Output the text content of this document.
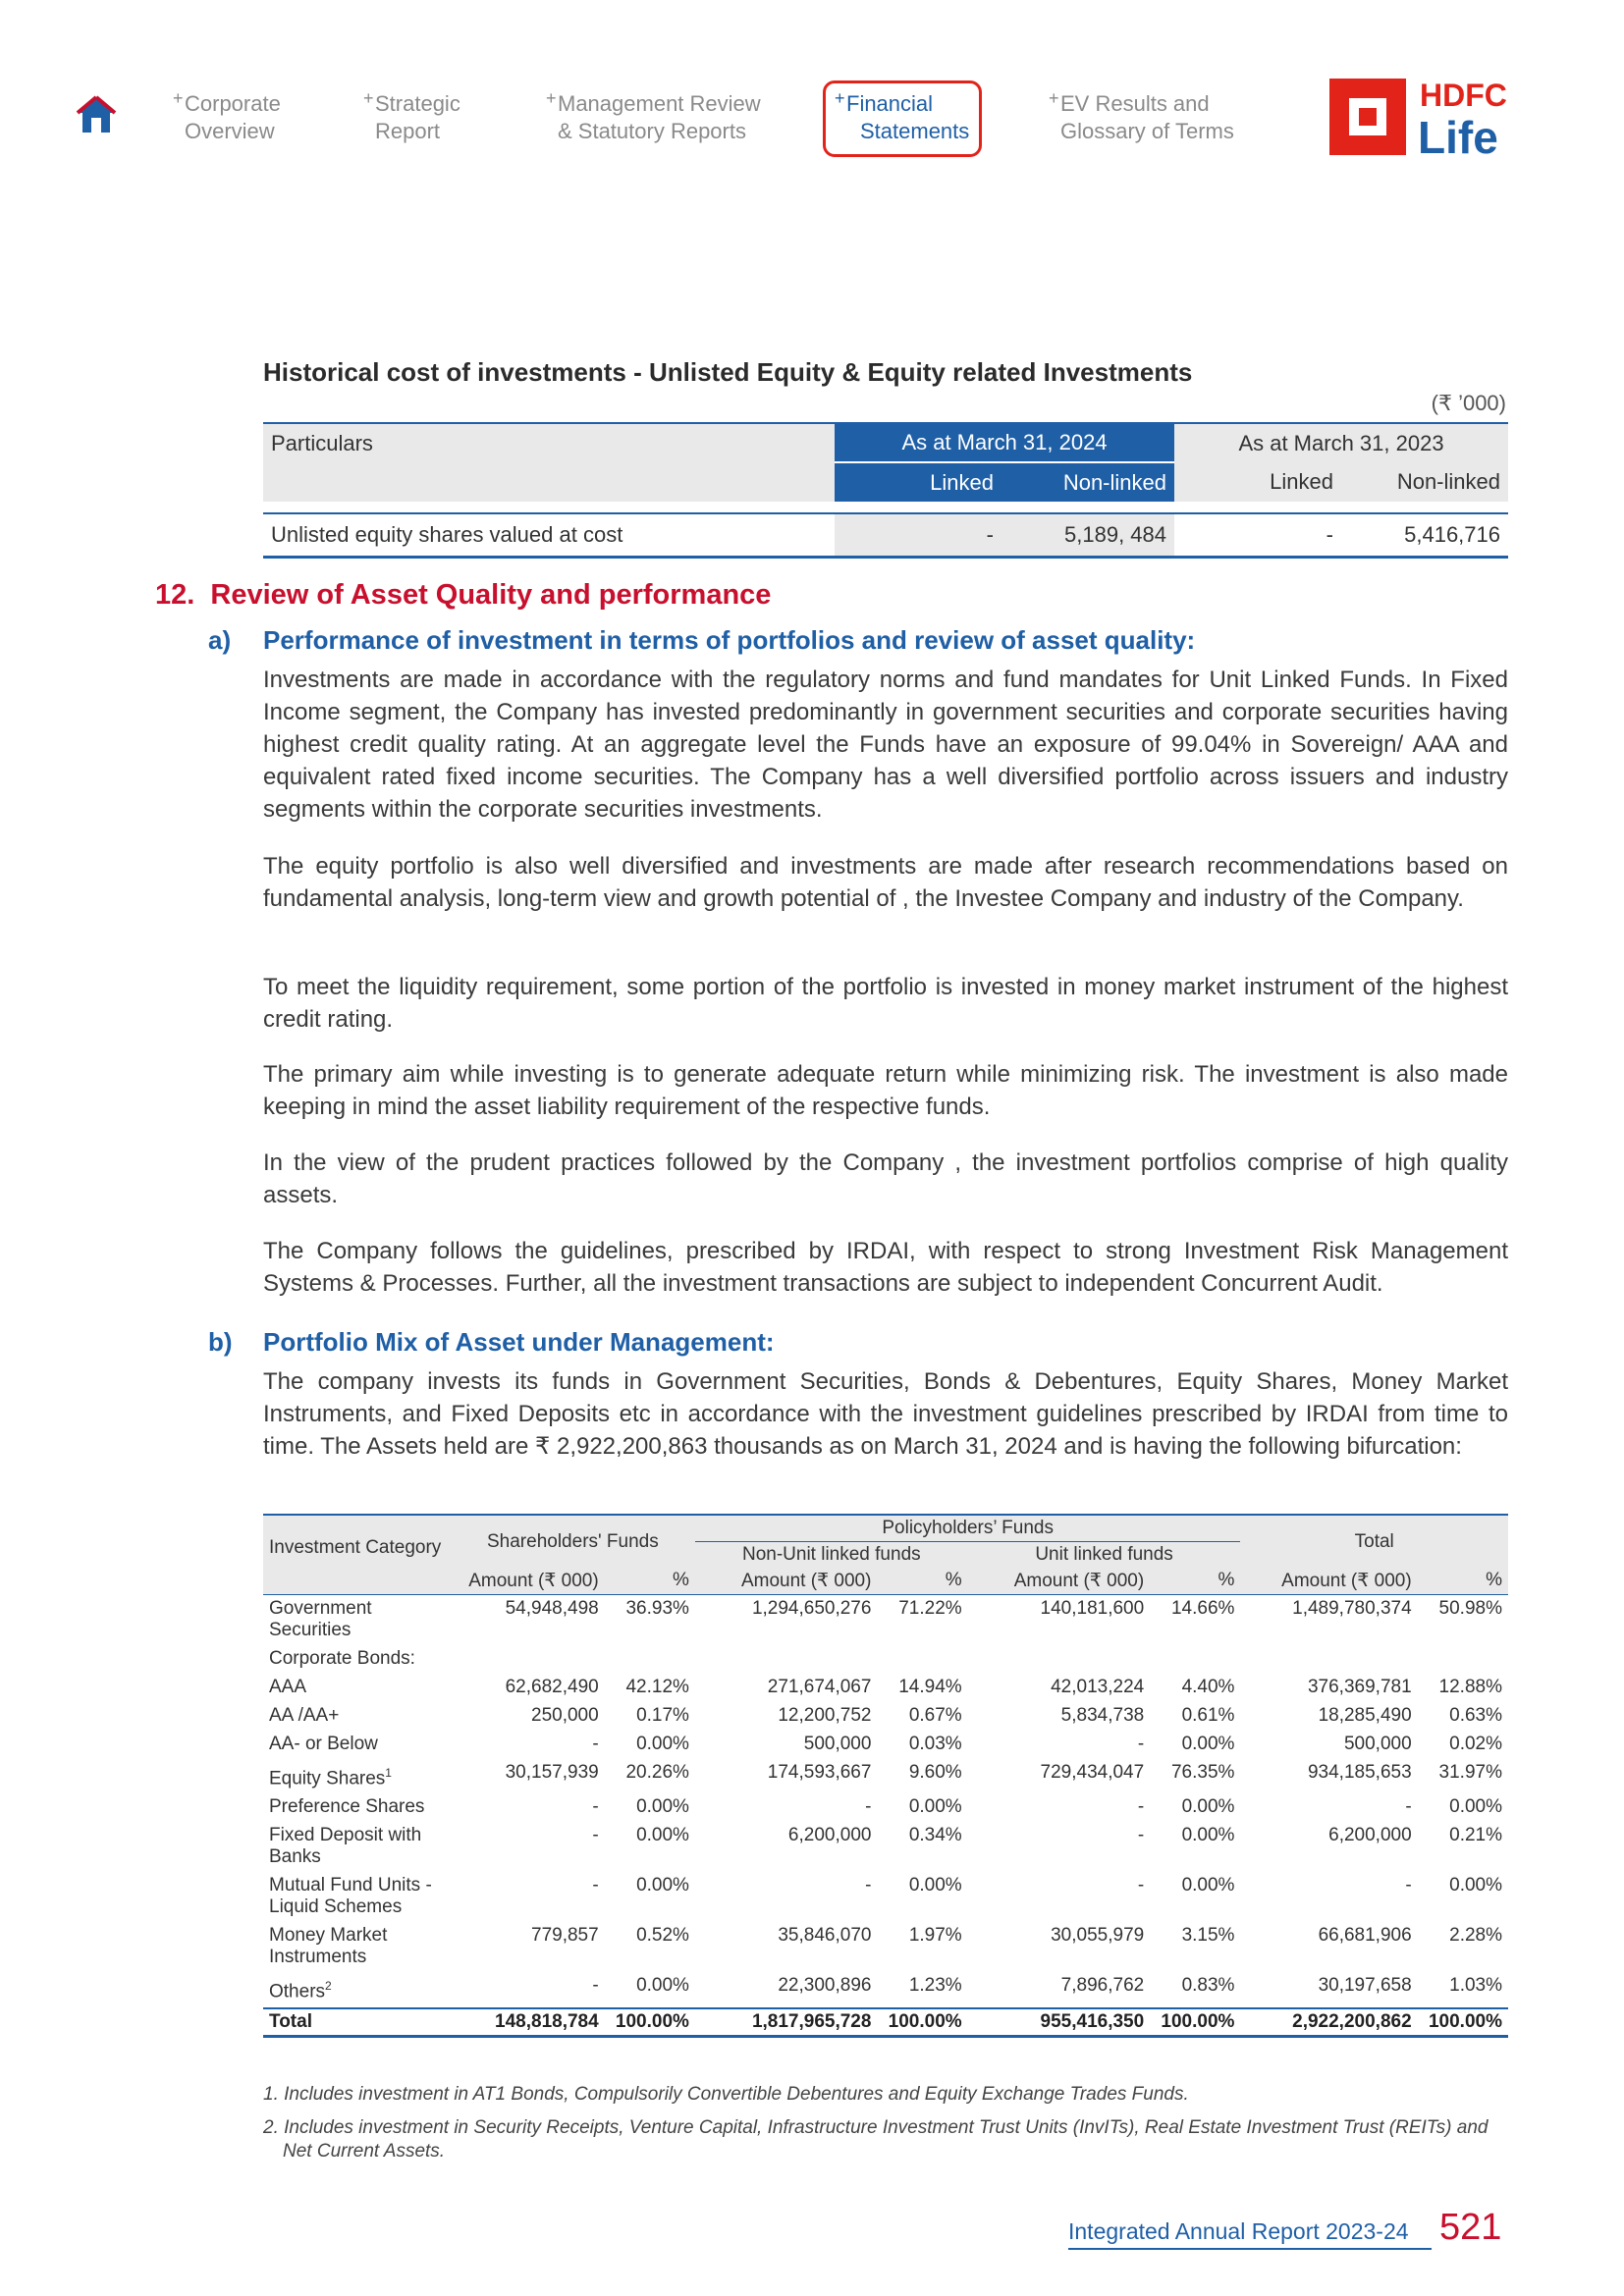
+ Corporate
Overview
+ Strategic
Report
+ Management Review
& Statutory Reports
+ Financial
Statements
+ EV Results and
Glossary of Terms
HDFC
Life
Historical cost of investments - Unlisted Equity & Equity related Investments
(₹ ’000)
Particulars	As at March 31, 2024		As at March 31, 2023	
	Linked	Non-linked	Linked	Non-linked

Unlisted equity shares valued at cost	-	5,189, 484	-	5,416,716
12. Review of Asset Quality and performance
a) Performance of investment in terms of portfolios and review of asset quality:
Investments are made in accordance with the regulatory norms and fund mandates for Unit Linked Funds. In Fixed Income segment, the Company has invested predominantly in government securities and corporate securities having highest credit quality rating. At an aggregate level the Funds have an exposure of 99.04% in Sovereign/ AAA and equivalent rated fixed income securities. The Company has a well diversified portfolio across issuers and industry segments within the corporate securities investments.
The equity portfolio is also well diversified and investments are made after research recommendations based on fundamental analysis, long-term view and growth potential of , the Investee Company and industry of the Company.
To meet the liquidity requirement, some portion of the portfolio is invested in money market instrument of the highest credit rating.
The primary aim while investing is to generate adequate return while minimizing risk. The investment is also made keeping in mind the asset liability requirement of the respective funds.
In the view of the prudent practices followed by the Company , the investment portfolios comprise of high quality assets.
The Company follows the guidelines, prescribed by IRDAI, with respect to strong Investment Risk Management Systems & Processes. Further, all the investment transactions are subject to independent Concurrent Audit.
b) Portfolio Mix of Asset under Management:
The company invests its funds in Government Securities, Bonds & Debentures, Equity Shares, Money Market Instruments, and Fixed Deposits etc in accordance with the investment guidelines prescribed by IRDAI from time to time. The Assets held are ₹ 2,922,200,863 thousands as on March 31, 2024 and is having the following bifurcation:
Investment Category	Shareholders' Funds		Policyholders’ Funds				Total	
			Non-Unit linked funds		Unit linked funds			
	Amount (₹ 000)	%	Amount (₹ 000)	%	Amount (₹ 000)	%	Amount (₹ 000)	%
Government Securities	54,948,498	36.93%	1,294,650,276	71.22%	140,181,600	14.66%	1,489,780,374	50.98%
Corporate Bonds:								
AAA	62,682,490	42.12%	271,674,067	14.94%	42,013,224	4.40%	376,369,781	12.88%
AA /AA+	250,000	0.17%	12,200,752	0.67%	5,834,738	0.61%	18,285,490	0.63%
AA- or Below	-	0.00%	500,000	0.03%	-	0.00%	500,000	0.02%
Equity Shares$^1$	30,157,939	20.26%	174,593,667	9.60%	729,434,047	76.35%	934,185,653	31.97%
Preference Shares	-	0.00%	-	0.00%	-	0.00%	-	0.00%
Fixed Deposit with Banks	-	0.00%	6,200,000	0.34%	-	0.00%	6,200,000	0.21%
Mutual Fund Units - Liquid Schemes	-	0.00%	-	0.00%	-	0.00%	-	0.00%
Money Market Instruments	779,857	0.52%	35,846,070	1.97%	30,055,979	3.15%	66,681,906	2.28%
Others$^2$	-	0.00%	22,300,896	1.23%	7,896,762	0.83%	30,197,658	1.03%
Total	148,818,784	100.00%	1,817,965,728	100.00%	955,416,350	100.00%	2,922,200,862	100.00%
1. Includes investment in AT1 Bonds, Compulsorily Convertible Debentures and Equity Exchange Trades Funds.
2. Includes investment in Security Receipts, Venture Capital, Infrastructure Investment Trust Units (InvITs), Real Estate Investment Trust (REITs) and Net Current Assets.
Integrated Annual Report 2023-24 521
